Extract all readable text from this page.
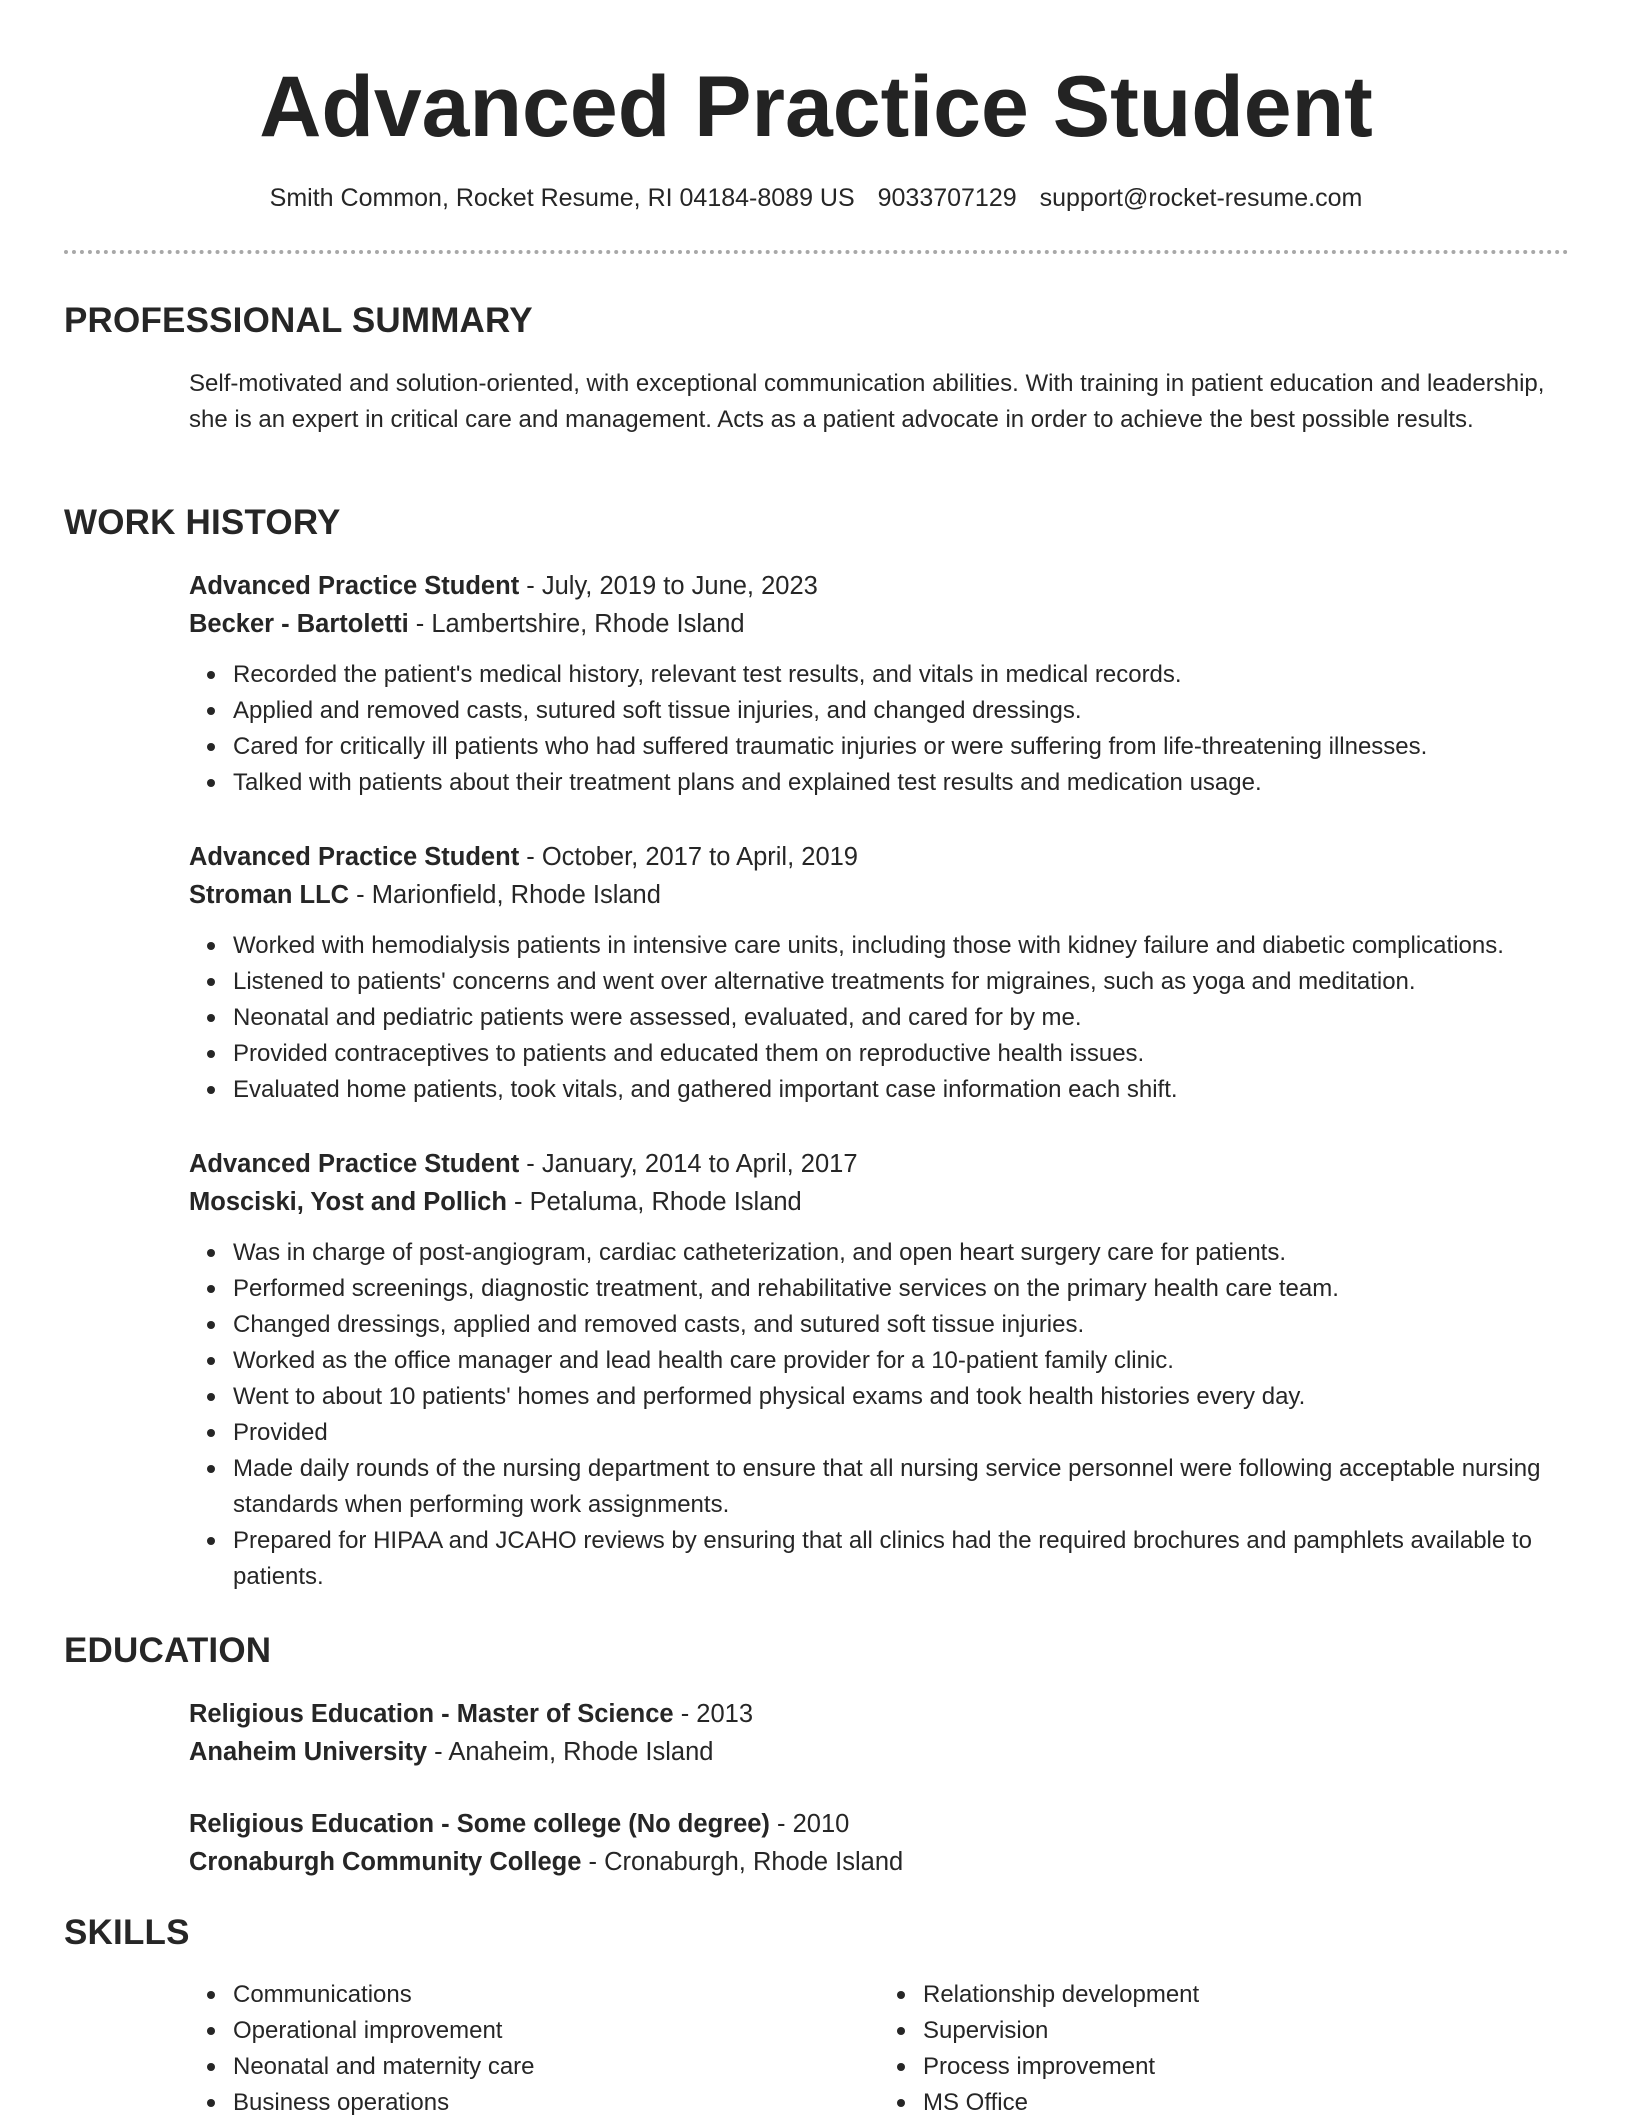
Advanced Practice Student
Smith Common, Rocket Resume, RI 04184-8089 US 9033707129 support@rocket-resume.com
PROFESSIONAL SUMMARY

Self-motivated and solution-oriented, with exceptional communication abilities. With training in patient education and leadership, she is an expert in critical care and management. Acts as a patient advocate in order to achieve the best possible results.

WORK HISTORY

Advanced Practice Student - July, 2019 to June, 2023

Becker - Bartoletti - Lambertshire, Rhode Island

Recorded the patient's medical history, relevant test results, and vitals in medical records.
Applied and removed casts, sutured soft tissue injuries, and changed dressings.
Cared for critically ill patients who had suffered traumatic injuries or were suffering from life-threatening illnesses.
Talked with patients about their treatment plans and explained test results and medication usage.

Advanced Practice Student - October, 2017 to April, 2019

Stroman LLC - Marionfield, Rhode Island

Worked with hemodialysis patients in intensive care units, including those with kidney failure and diabetic complications.
Listened to patients' concerns and went over alternative treatments for migraines, such as yoga and meditation.
Neonatal and pediatric patients were assessed, evaluated, and cared for by me.
Provided contraceptives to patients and educated them on reproductive health issues.
Evaluated home patients, took vitals, and gathered important case information each shift.

Advanced Practice Student - January, 2014 to April, 2017

Mosciski, Yost and Pollich - Petaluma, Rhode Island

Was in charge of post-angiogram, cardiac catheterization, and open heart surgery care for patients.
Performed screenings, diagnostic treatment, and rehabilitative services on the primary health care team.
Changed dressings, applied and removed casts, and sutured soft tissue injuries.
Worked as the office manager and lead health care provider for a 10-patient family clinic.
Went to about 10 patients' homes and performed physical exams and took health histories every day.
Provided
Made daily rounds of the nursing department to ensure that all nursing service personnel were following acceptable nursing standards when performing work assignments.
Prepared for HIPAA and JCAHO reviews by ensuring that all clinics had the required brochures and pamphlets available to patients.
EDUCATION

Religious Education - Master of Science - 2013

Anaheim University - Anaheim, Rhode Island

Religious Education - Some college (No degree) - 2010

Cronaburgh Community College - Cronaburgh, Rhode Island

SKILLS
Communications
Operational improvement
Neonatal and maternity care
Business operations
Relationship development
Supervision
Process improvement
MS Office
